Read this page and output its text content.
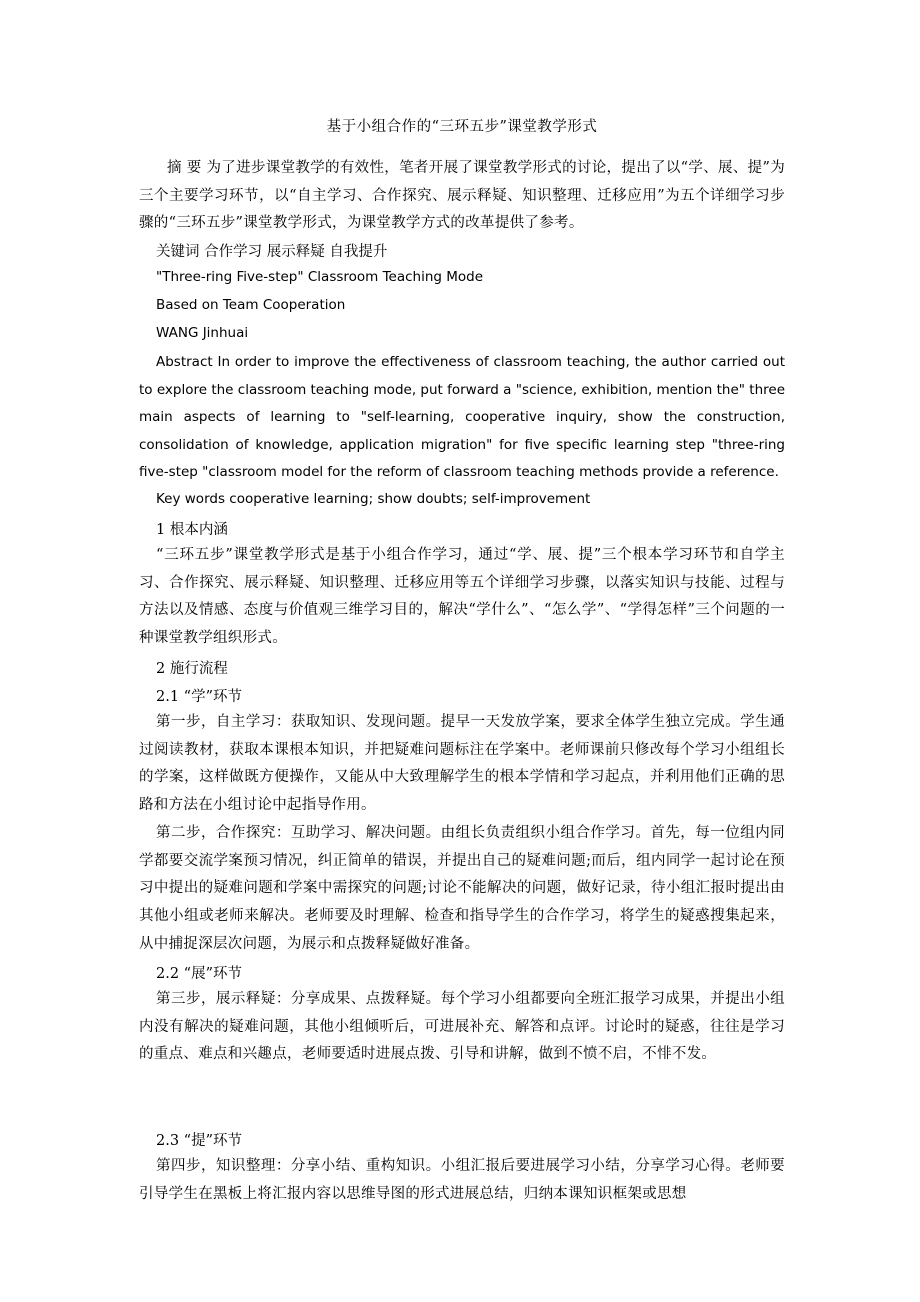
基于小组合作的“三环五步”课堂教学形式
摘 要 为了进步课堂教学的有效性，笔者开展了课堂教学形式的讨论，提出了以“学、展、提”为三个主要学习环节，以“自主学习、合作探究、展示释疑、知识整理、迁移应用”为五个详细学习步骤的“三环五步”课堂教学形式，为课堂教学方式的改革提供了参考。
关键词 合作学习 展示释疑 自我提升
"Three-ring Five-step" Classroom Teaching Mode
Based on Team Cooperation
WANG Jinhuai
Abstract In order to improve the effectiveness of classroom teaching, the author carried out to explore the classroom teaching mode, put forward a "science, exhibition, mention the" three main aspects of learning to "self-learning, cooperative inquiry, show the construction, consolidation of knowledge, application migration" for five specific learning step "three-ring five-step "classroom model for the reform of classroom teaching methods provide a reference.
Key words cooperative learning; show doubts; self-improvement
1 根本内涵
“三环五步”课堂教学形式是基于小组合作学习，通过“学、展、提”三个根本学习环节和自学主习、合作探究、展示释疑、知识整理、迁移应用等五个详细学习步骤，以落实知识与技能、过程与方法以及情感、态度与价值观三维学习目的，解决“学什么”、“怎么学”、“学得怎样”三个问题的一种课堂教学组织形式。
2 施行流程
2.1 “学”环节
第一步，自主学习：获取知识、发现问题。提早一天发放学案，要求全体学生独立完成。学生通过阅读教材，获取本课根本知识，并把疑难问题标注在学案中。老师课前只修改每个学习小组组长的学案，这样做既方便操作，又能从中大致理解学生的根本学情和学习起点，并利用他们正确的思路和方法在小组讨论中起指导作用。
第二步，合作探究：互助学习、解决问题。由组长负责组织小组合作学习。首先，每一位组内同学都要交流学案预习情况，纠正简单的错误，并提出自己的疑难问题;而后，组内同学一起讨论在预习中提出的疑难问题和学案中需探究的问题;讨论不能解决的问题，做好记录，待小组汇报时提出由其他小组或老师来解决。老师要及时理解、检查和指导学生的合作学习，将学生的疑惑搜集起来，从中捕捉深层次问题，为展示和点拨释疑做好准备。
2.2 “展”环节
第三步，展示释疑：分享成果、点拨释疑。每个学习小组都要向全班汇报学习成果，并提出小组内没有解决的疑难问题，其他小组倾听后，可进展补充、解答和点评。讨论时的疑惑，往往是学习的重点、难点和兴趣点，老师要适时进展点拨、引导和讲解，做到不愤不启，不悱不发。
2.3 “提”环节
第四步，知识整理：分享小结、重构知识。小组汇报后要进展学习小结，分享学习心得。老师要引导学生在黑板上将汇报内容以思维导图的形式进展总结，归纳本课知识框架或思想
